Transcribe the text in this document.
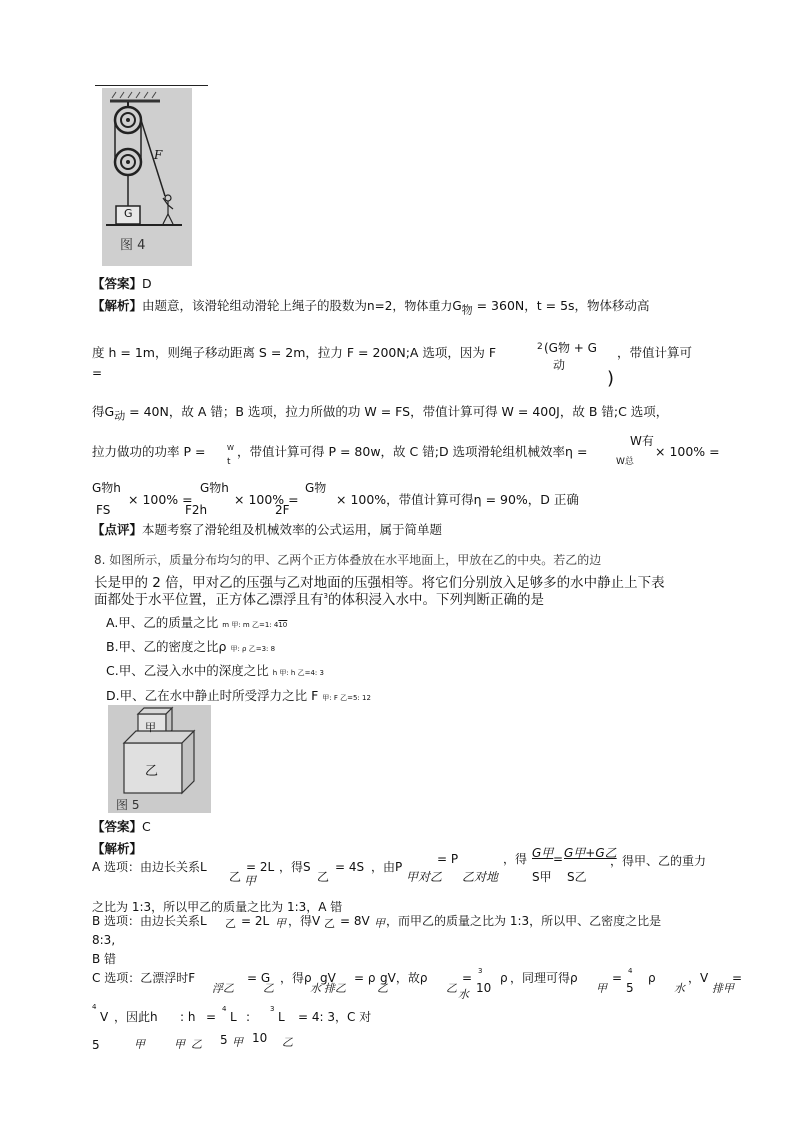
F
G
图 4
【答案】D
【解析】由题意，该滑轮组动滑轮上绳子的股数为n=2，物体重力$G_物 = 360N$，t = 5s，物体移动高
度 h = 1m，则绳子移动距离 S = 2m，拉力 F = 200N;A 选项，因为 F	2 (G物 + G
动
)
，带值计算可
=
得$G_动 = 40N$，故 A 错；B 选项，拉力所做的功 W = FS，带值计算可得 W = 400J，故 B 错;C 选项，
拉力做功的功率 P =	W
t
，带值计算可得 P = 80w，故 C 错;D 选项滑轮组机械效率η =
W有
W总
× 100% =
G物h
FS
× 100% =
G物h
F2h
× 100% =
G物
2F
× 100%，带值计算可得η = 90%，D 正确
【点评】本题考察了滑轮组及机械效率的公式运用，属于简单题
8. 如图所示，质量分布均匀的甲、乙两个正方体叠放在水平地面上，甲放在乙的中央。若乙的边
长是甲的 2 倍，甲对乙的压强与乙对地面的压强相等。将它们分别放入足够多的水中静止上下表
面都处于水平位置，正方体乙漂浮且有$^3$的体积浸入水中。下列判断正确的是
A.甲、乙的质量之比 m 甲: m 乙=1: 410
B.甲、乙的密度之比ρ 甲: ρ 乙=3: 8
C.甲、乙浸入水中的深度之比 h 甲: h 乙=4: 3
D.甲、乙在水中静止时所受浮力之比 F 甲: F 乙=5: 12
甲
乙
图 5
【答案】C
【解析】
A 选项：由边长关系L
乙
= 2L
甲
，得S
乙
= 4S ，由P
甲对乙
= P
乙对地
，得 G甲
S甲
= G甲+G乙
S乙
，得甲、乙的重力
之比为 1:3，所以甲乙的质量之比为 1:3，A 错
B 选项：由边长关系L 乙 = 2L 甲 ，得V 乙 = 8V 甲 ，而甲乙的质量之比为 1:3，所以甲、乙密度之比是
8:3,
B 错
C 选项：乙漂浮时F
浮乙
= G
乙
，得ρ
水
gV
排乙
= ρ
乙
gV，故ρ
乙
= 3
10
ρ
水
，同理可得ρ
甲
= 4
5
ρ
水
，V
排甲
=
4
V
5	甲
，因此h
甲
: h
乙
=
4
5
L
甲
:
3
10
L
乙
= 4: 3，C 对
